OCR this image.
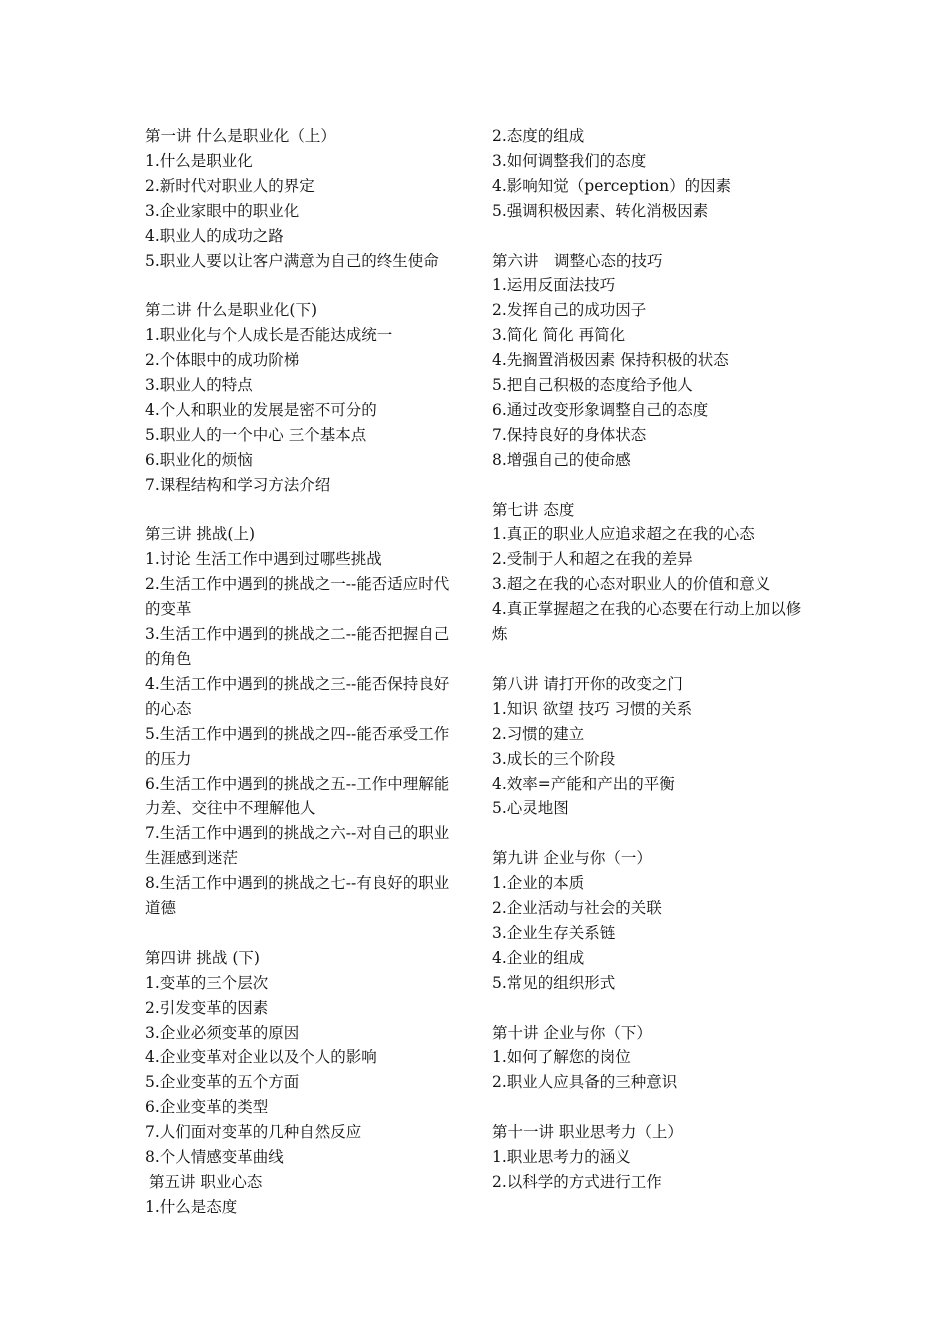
第一讲 什么是职业化（上）
1.什么是职业化
2.新时代对职业人的界定
3.企业家眼中的职业化
4.职业人的成功之路
5.职业人要以让客户满意为自己的终生使命
第二讲 什么是职业化(下)
1.职业化与个人成长是否能达成统一
2.个体眼中的成功阶梯
3.职业人的特点
4.个人和职业的发展是密不可分的
5.职业人的一个中心 三个基本点
6.职业化的烦恼
7.课程结构和学习方法介绍
第三讲 挑战(上)
1.讨论 生活工作中遇到过哪些挑战
2.生活工作中遇到的挑战之一--能否适应时代的变革
3.生活工作中遇到的挑战之二--能否把握自己的角色
4.生活工作中遇到的挑战之三--能否保持良好的心态
5.生活工作中遇到的挑战之四--能否承受工作的压力
6.生活工作中遇到的挑战之五--工作中理解能力差、交往中不理解他人
7.生活工作中遇到的挑战之六--对自己的职业生涯感到迷茫
8.生活工作中遇到的挑战之七--有良好的职业道德
第四讲 挑战 (下)
1.变革的三个层次
2.引发变革的因素
3.企业必须变革的原因
4.企业变革对企业以及个人的影响
5.企业变革的五个方面
6.企业变革的类型
7.人们面对变革的几种自然反应
8.个人情感变革曲线
第五讲 职业心态
1.什么是态度
2.态度的组成
3.如何调整我们的态度
4.影响知觉（perception）的因素
5.强调积极因素、转化消极因素
第六讲　调整心态的技巧
1.运用反面法技巧
2.发挥自己的成功因子
3.简化 简化 再简化
4.先搁置消极因素 保持积极的状态
5.把自己积极的态度给予他人
6.通过改变形象调整自己的态度
7.保持良好的身体状态
8.增强自己的使命感
第七讲 态度
1.真正的职业人应追求超之在我的心态
2.受制于人和超之在我的差异
3.超之在我的心态对职业人的价值和意义
4.真正掌握超之在我的心态要在行动上加以修炼
第八讲 请打开你的改变之门
1.知识 欲望 技巧 习惯的关系
2.习惯的建立
3.成长的三个阶段
4.效率=产能和产出的平衡
5.心灵地图
第九讲 企业与你（一）
1.企业的本质
2.企业活动与社会的关联
3.企业生存关系链
4.企业的组成
5.常见的组织形式
第十讲 企业与你（下）
1.如何了解您的岗位
2.职业人应具备的三种意识
第十一讲 职业思考力（上）
1.职业思考力的涵义
2.以科学的方式进行工作
